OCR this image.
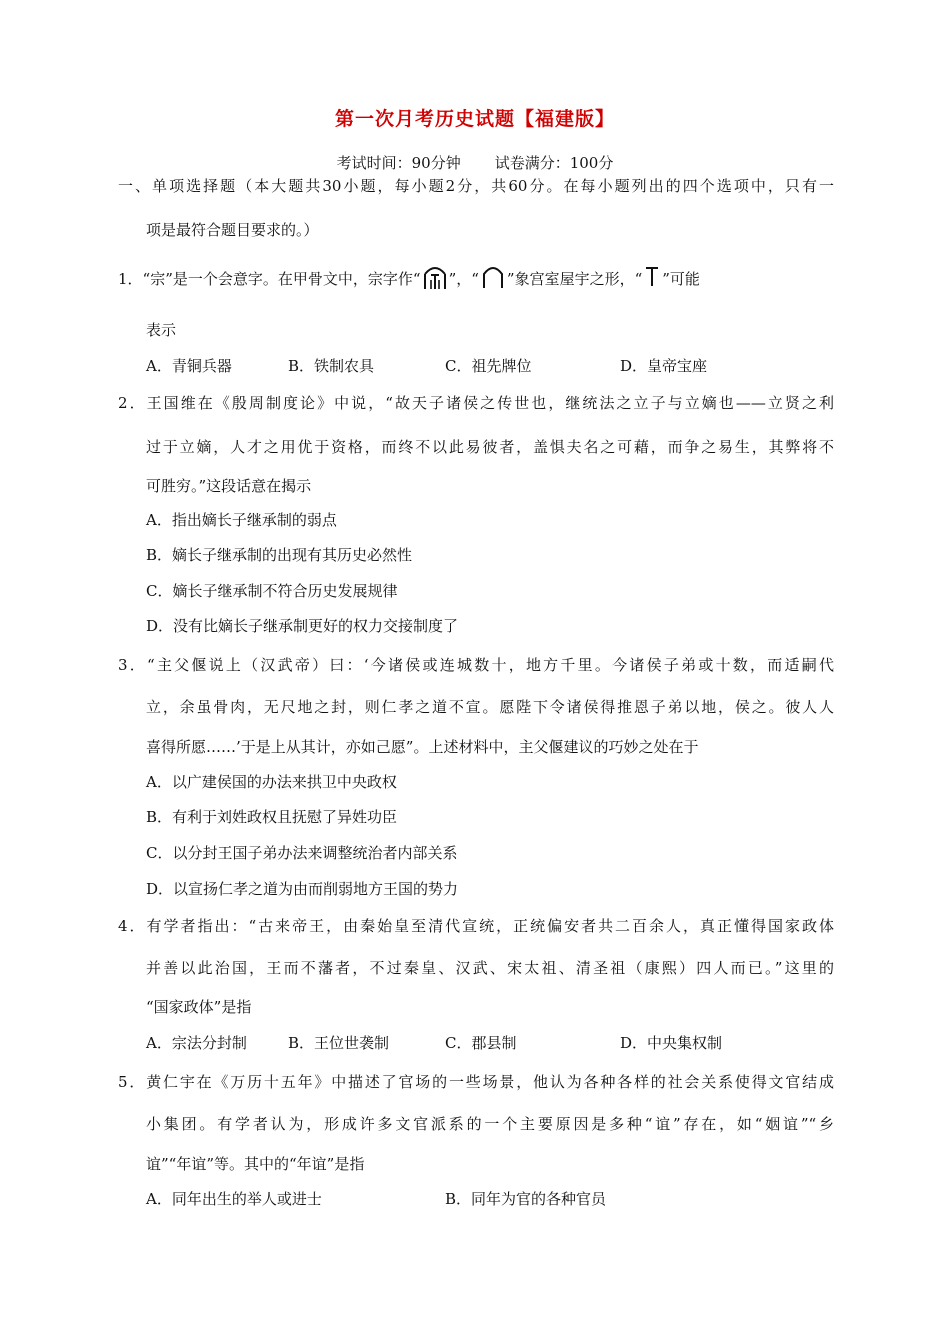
第一次月考历史试题【福建版】
考试时间：90分钟 试卷满分：100分
一、单项选择题（本大题共30小题，每小题2分，共60分。在每小题列出的四个选项中，只有一
项是最符合题目要求的。）
1．“宗”是一个会意字。在甲骨文中，宗字作“ ”，“ ”象宫室屋宇之形，“ ”可能
表示
A．青铜兵器	B．铁制农具	C．祖先牌位	D．皇帝宝座
2．王国维在《殷周制度论》中说，“故天子诸侯之传世也，继统法之立子与立嫡也——立贤之利
过于立嫡，人才之用优于资格，而终不以此易彼者，盖惧夫名之可藉，而争之易生，其弊将不
可胜穷。”这段话意在揭示
A．指出嫡长子继承制的弱点
B．嫡长子继承制的出现有其历史必然性
C．嫡长子继承制不符合历史发展规律
D．没有比嫡长子继承制更好的权力交接制度了
3．“主父偃说上（汉武帝）曰：‘今诸侯或连城数十，地方千里。今诸侯子弟或十数，而适嗣代
立，余虽骨肉，无尺地之封，则仁孝之道不宣。愿陛下令诸侯得推恩子弟以地，侯之。彼人人
喜得所愿……’于是上从其计，亦如己愿”。上述材料中，主父偃建议的巧妙之处在于
A．以广建侯国的办法来拱卫中央政权
B．有利于刘姓政权且抚慰了异姓功臣
C．以分封王国子弟办法来调整统治者内部关系
D．以宣扬仁孝之道为由而削弱地方王国的势力
4．有学者指出：“古来帝王，由秦始皇至清代宣统，正统偏安者共二百余人，真正懂得国家政体
并善以此治国，王而不藩者，不过秦皇、汉武、宋太祖、清圣祖（康熙）四人而已。”这里的
“国家政体”是指
A．宗法分封制	B．王位世袭制	C．郡县制	D．中央集权制
5．黄仁宇在《万历十五年》中描述了官场的一些场景，他认为各种各样的社会关系使得文官结成
小集团。有学者认为，形成许多文官派系的一个主要原因是多种“谊”存在，如“姻谊”“乡
谊”“年谊”等。其中的“年谊”是指
A．同年出生的举人或进士	B．同年为官的各种官员
